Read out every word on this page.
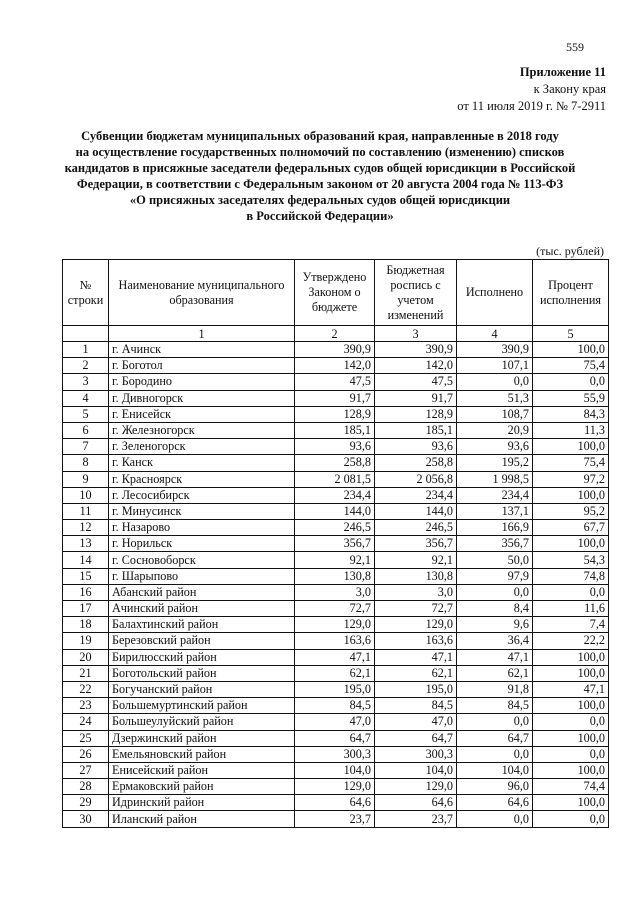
559
Приложение 11
к Закону края
от 11 июля 2019 г. № 7-2911
Субвенции бюджетам муниципальных образований края, направленные в 2018 году
на осуществление государственных полномочий по составлению (изменению) списков
кандидатов в присяжные заседатели федеральных судов общей юрисдикции в Российской
Федерации, в соответствии с Федеральным законом от 20 августа 2004 года № 113-ФЗ
«О присяжных заседателях федеральных судов общей юрисдикции
в Российской Федерации»
(тыс. рублей)
№ строки	Наименование муниципального образования	Утверждено Законом о бюджете	Бюджетная роспись с учетом изменений	Исполнено	Процент исполнения
	1	2	3	4	5
1	г. Ачинск	390,9	390,9	390,9	100,0
2	г. Боготол	142,0	142,0	107,1	75,4
3	г. Бородино	47,5	47,5	0,0	0,0
4	г. Дивногорск	91,7	91,7	51,3	55,9
5	г. Енисейск	128,9	128,9	108,7	84,3
6	г. Железногорск	185,1	185,1	20,9	11,3
7	г. Зеленогорск	93,6	93,6	93,6	100,0
8	г. Канск	258,8	258,8	195,2	75,4
9	г. Красноярск	2 081,5	2 056,8	1 998,5	97,2
10	г. Лесосибирск	234,4	234,4	234,4	100,0
11	г. Минусинск	144,0	144,0	137,1	95,2
12	г. Назарово	246,5	246,5	166,9	67,7
13	г. Норильск	356,7	356,7	356,7	100,0
14	г. Сосновоборск	92,1	92,1	50,0	54,3
15	г. Шарыпово	130,8	130,8	97,9	74,8
16	Абанский район	3,0	3,0	0,0	0,0
17	Ачинский район	72,7	72,7	8,4	11,6
18	Балахтинский район	129,0	129,0	9,6	7,4
19	Березовский район	163,6	163,6	36,4	22,2
20	Бирилюсский район	47,1	47,1	47,1	100,0
21	Боготольский район	62,1	62,1	62,1	100,0
22	Богучанский район	195,0	195,0	91,8	47,1
23	Большемуртинский район	84,5	84,5	84,5	100,0
24	Большеулуйский район	47,0	47,0	0,0	0,0
25	Дзержинский район	64,7	64,7	64,7	100,0
26	Емельяновский район	300,3	300,3	0,0	0,0
27	Енисейский район	104,0	104,0	104,0	100,0
28	Ермаковский район	129,0	129,0	96,0	74,4
29	Идринский район	64,6	64,6	64,6	100,0
30	Иланский район	23,7	23,7	0,0	0,0
